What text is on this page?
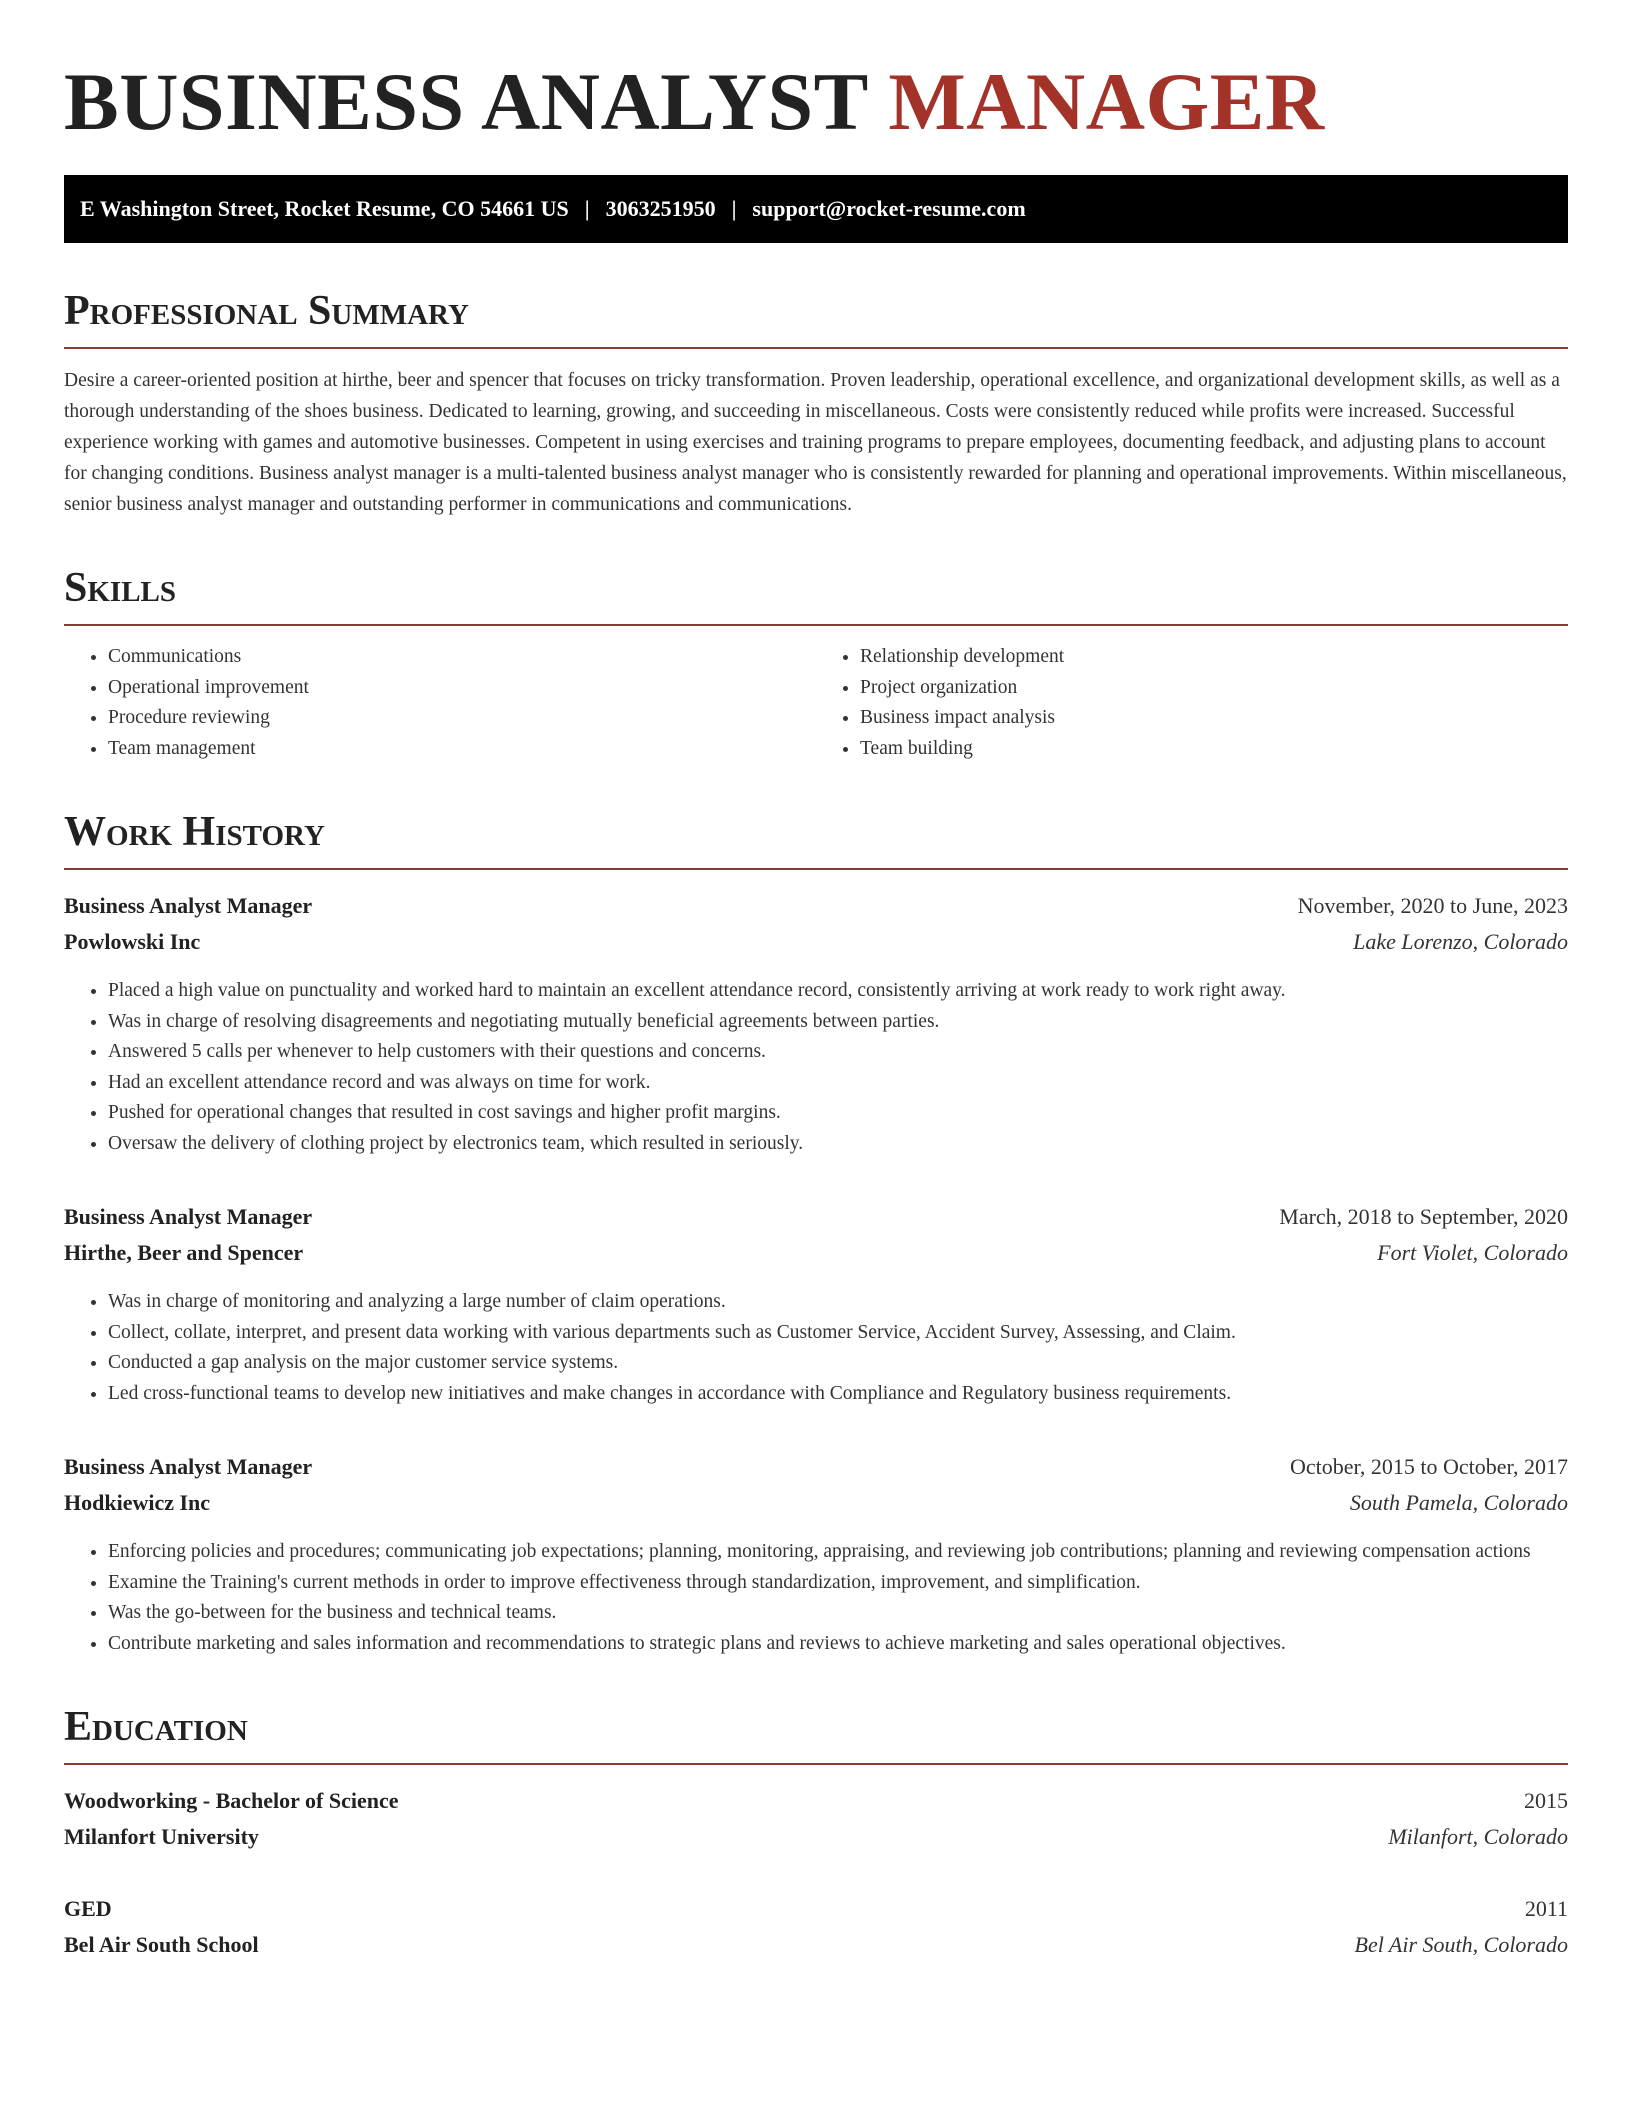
BUSINESS ANALYST MANAGER
E Washington Street, Rocket Resume, CO 54661 US | 3063251950 | support@rocket-resume.com
Professional Summary

Desire a career-oriented position at hirthe, beer and spencer that focuses on tricky transformation. Proven leadership, operational excellence, and organizational development skills, as well as a thorough understanding of the shoes business. Dedicated to learning, growing, and succeeding in miscellaneous. Costs were consistently reduced while profits were increased. Successful experience working with games and automotive businesses. Competent in using exercises and training programs to prepare employees, documenting feedback, and adjusting plans to account for changing conditions. Business analyst manager is a multi-talented business analyst manager who is consistently rewarded for planning and operational improvements. Within miscellaneous, senior business analyst manager and outstanding performer in communications and communications.

Skills
• Communications
• Operational improvement
• Procedure reviewing
• Team management
• Relationship development
• Project organization
• Business impact analysis
• Team building
Work History
Business Analyst Manager	November, 2020 to June, 2023
Powlowski Inc	Lake Lorenzo, Colorado
• Placed a high value on punctuality and worked hard to maintain an excellent attendance record, consistently arriving at work ready to work right away.
• Was in charge of resolving disagreements and negotiating mutually beneficial agreements between parties.
• Answered 5 calls per whenever to help customers with their questions and concerns.
• Had an excellent attendance record and was always on time for work.
• Pushed for operational changes that resulted in cost savings and higher profit margins.
• Oversaw the delivery of clothing project by electronics team, which resulted in seriously.
Business Analyst Manager	March, 2018 to September, 2020
Hirthe, Beer and Spencer	Fort Violet, Colorado
• Was in charge of monitoring and analyzing a large number of claim operations.
• Collect, collate, interpret, and present data working with various departments such as Customer Service, Accident Survey, Assessing, and Claim.
• Conducted a gap analysis on the major customer service systems.
• Led cross-functional teams to develop new initiatives and make changes in accordance with Compliance and Regulatory business requirements.
Business Analyst Manager	October, 2015 to October, 2017
Hodkiewicz Inc	South Pamela, Colorado
• Enforcing policies and procedures; communicating job expectations; planning, monitoring, appraising, and reviewing job contributions; planning and reviewing compensation actions
• Examine the Training's current methods in order to improve effectiveness through standardization, improvement, and simplification.
• Was the go-between for the business and technical teams.
• Contribute marketing and sales information and recommendations to strategic plans and reviews to achieve marketing and sales operational objectives.
Education
Woodworking - Bachelor of Science	2015
Milanfort University	Milanfort, Colorado
GED	2011
Bel Air South School	Bel Air South, Colorado
